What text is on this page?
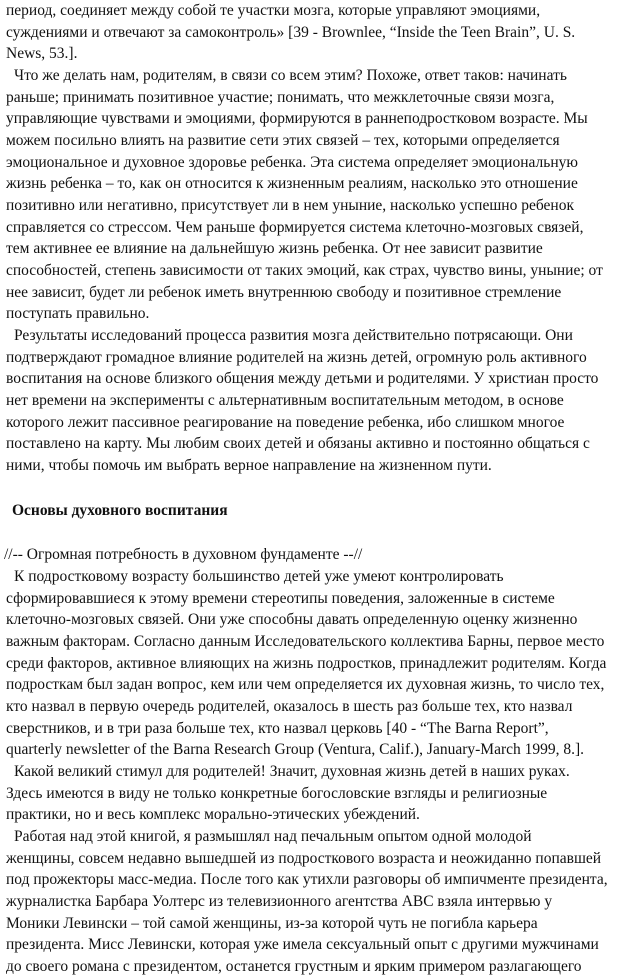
период, соединяет между собой те участки мозга, которые управляют эмоциями,
суждениями и отвечают за самоконтроль» [39 - Brownlee, “Inside the Teen Brain”, U. S.
News, 53.].
Что же делать нам, родителям, в связи со всем этим? Похоже, ответ таков: начинать
раньше; принимать позитивное участие; понимать, что межклеточные связи мозга,
управляющие чувствами и эмоциями, формируются в раннеподростковом возрасте. Мы
можем посильно влиять на развитие сети этих связей – тех, которыми определяется
эмоциональное и духовное здоровье ребенка. Эта система определяет эмоциональную
жизнь ребенка – то, как он относится к жизненным реалиям, насколько это отношение
позитивно или негативно, присутствует ли в нем уныние, насколько успешно ребенок
справляется со стрессом. Чем раньше формируется система клеточно-мозговых связей,
тем активнее ее влияние на дальнейшую жизнь ребенка. От нее зависит развитие
способностей, степень зависимости от таких эмоций, как страх, чувство вины, уныние; от
нее зависит, будет ли ребенок иметь внутреннюю свободу и позитивное стремление
поступать правильно.
Результаты исследований процесса развития мозга действительно потрясающи. Они
подтверждают громадное влияние родителей на жизнь детей, огромную роль активного
воспитания на основе близкого общения между детьми и родителями. У христиан просто
нет времени на эксперименты с альтернативным воспитательным методом, в основе
которого лежит пассивное реагирование на поведение ребенка, ибо слишком многое
поставлено на карту. Мы любим своих детей и обязаны активно и постоянно общаться с
ними, чтобы помочь им выбрать верное направление на жизненном пути.
Основы духовного воспитания
//-- Огромная потребность в духовном фундаменте --//
К подростковому возрасту большинство детей уже умеют контролировать
сформировавшиеся к этому времени стереотипы поведения, заложенные в системе
клеточно-мозговых связей. Они уже способны давать определенную оценку жизненно
важным факторам. Согласно данным Исследовательского коллектива Барны, первое место
среди факторов, активное влияющих на жизнь подростков, принадлежит родителям. Когда
подросткам был задан вопрос, кем или чем определяется их духовная жизнь, то число тех,
кто назвал в первую очередь родителей, оказалось в шесть раз больше тех, кто назвал
сверстников, и в три раза больше тех, кто назвал церковь [40 - “The Barna Report”,
quarterly newsletter of the Barna Research Group (Ventura, Calif.), January-March 1999, 8.].
Какой великий стимул для родителей! Значит, духовная жизнь детей в наших руках.
Здесь имеются в виду не только конкретные богословские взгляды и религиозные
практики, но и весь комплекс морально-этических убеждений.
Работая над этой книгой, я размышлял над печальным опытом одной молодой
женщины, совсем недавно вышедшей из подросткового возраста и неожиданно попавшей
под прожекторы масс-медиа. После того как утихли разговоры об импичменте президента,
журналистка Барбара Уолтерс из телевизионного агентства ABC взяла интервью у
Моники Левински – той самой женщины, из-за которой чуть не погибла карьера
президента. Мисс Левински, которая уже имела сексуальный опыт с другими мужчинами
до своего романа с президентом, останется грустным и ярким примером разлагающего
